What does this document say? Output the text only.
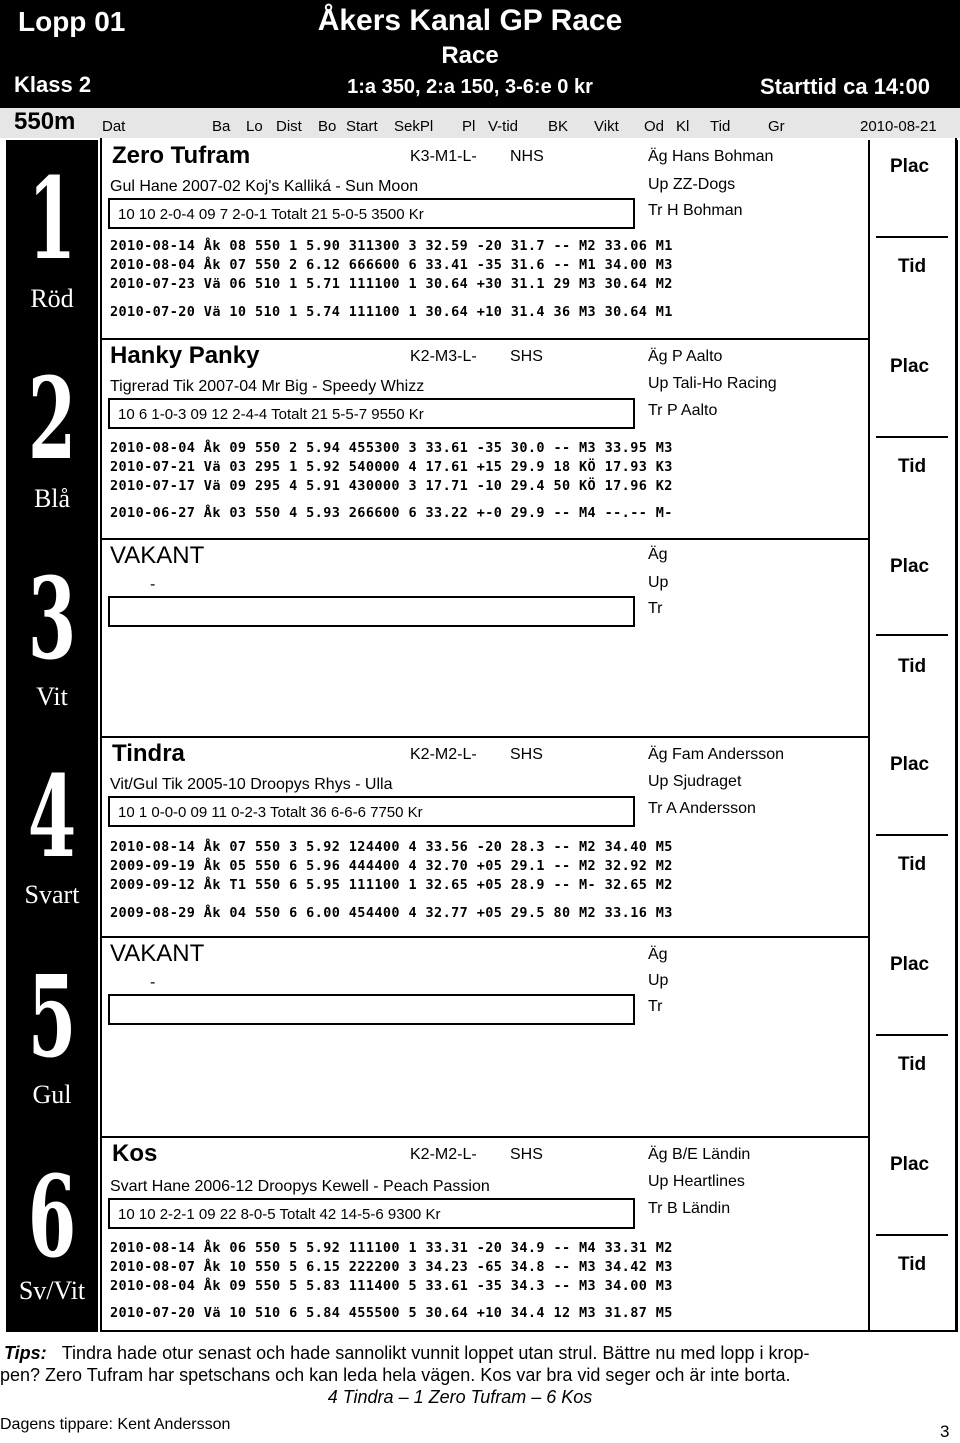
Lopp 01	Åkers Kanal GP Race
Race
Klass 2	1:a 350, 2:a 150, 3-6:e 0 kr	Starttid ca 14:00
550m Dat	Ba Lo Dist Bo Start SekPl Pl V-tid BK Vikt Od Kl Tid	Gr	2010-08-21
1
Röd
2
Blå
3
Vit
4
Svart
5
Gul
6
Sv/Vit
Zero Tufram	K3-M1-L- NHS
Gul Hane 2007-02 Koj's Kalliká - Sun Moon
10 10 2-0-4 09 7 2-0-1 Totalt 21 5-0-5 3500 Kr
Äg Hans Bohman
Up ZZ-Dogs
Tr H Bohman
2010-08-14 Åk 08 550 1 5.90 311300 3 32.59 -20 31.7 -- M2 33.06 M1
2010-08-04 Åk 07 550 2 6.12 666600 6 33.41 -35 31.6 -- M1 34.00 M3
2010-07-23 Vä 06 510 1 5.71 111100 1 30.64 +30 31.1 29 M3 30.64 M2
2010-07-20 Vä 10 510 1 5.74 111100 1 30.64 +10 31.4 36 M3 30.64 M1
Plac
Tid
Hanky Panky	K2-M3-L- SHS
Tigrerad Tik 2007-04 Mr Big - Speedy Whizz
10 6 1-0-3 09 12 2-4-4 Totalt 21 5-5-7 9550 Kr
Äg P Aalto
Up Tali-Ho Racing
Tr P Aalto
2010-08-04 Åk 09 550 2 5.94 455300 3 33.61 -35 30.0 -- M3 33.95 M3
2010-07-21 Vä 03 295 1 5.92 540000 4 17.61 +15 29.9 18 KÖ 17.93 K3
2010-07-17 Vä 09 295 4 5.91 430000 3 17.71 -10 29.4 50 KÖ 17.96 K2
2010-06-27 Åk 03 550 4 5.93 266600 6 33.22 +-0 29.9 -- M4 --.-- M-
Plac
Tid
VAKANT
-
Äg
Up
Tr
Plac
Tid
Tindra	K2-M2-L- SHS
Vit/Gul Tik 2005-10 Droopys Rhys - Ulla
10 1 0-0-0 09 11 0-2-3 Totalt 36 6-6-6 7750 Kr
Äg Fam Andersson
Up Sjudraget
Tr A Andersson
2010-08-14 Åk 07 550 3 5.92 124400 4 33.56 -20 28.3 -- M2 34.40 M5
2009-09-19 Åk 05 550 6 5.96 444400 4 32.70 +05 29.1 -- M2 32.92 M2
2009-09-12 Åk T1 550 6 5.95 111100 1 32.65 +05 28.9 -- M- 32.65 M2
2009-08-29 Åk 04 550 6 6.00 454400 4 32.77 +05 29.5 80 M2 33.16 M3
Plac
Tid
VAKANT
-
Äg
Up
Tr
Plac
Tid
Kos	K2-M2-L- SHS
Svart Hane 2006-12 Droopys Kewell - Peach Passion
10 10 2-2-1 09 22 8-0-5 Totalt 42 14-5-6 9300 Kr
Äg B/E Ländin
Up Heartlines
Tr B Ländin
2010-08-14 Åk 06 550 5 5.92 111100 1 33.31 -20 34.9 -- M4 33.31 M2
2010-08-07 Åk 10 550 5 6.15 222200 3 34.23 -65 34.8 -- M3 34.42 M3
2010-08-04 Åk 09 550 5 5.83 111400 5 33.61 -35 34.3 -- M3 34.00 M3
2010-07-20 Vä 10 510 6 5.84 455500 5 30.64 +10 34.4 12 M3 31.87 M5
Plac
Tid
Tips: Tindra hade otur senast och hade sannolikt vunnit loppet utan strul. Bättre nu med lopp i krop-
pen? Zero Tufram har spetschans och kan leda hela vägen. Kos var bra vid seger och är inte borta.
4 Tindra – 1 Zero Tufram – 6 Kos
Dagens tippare: Kent Andersson	3
